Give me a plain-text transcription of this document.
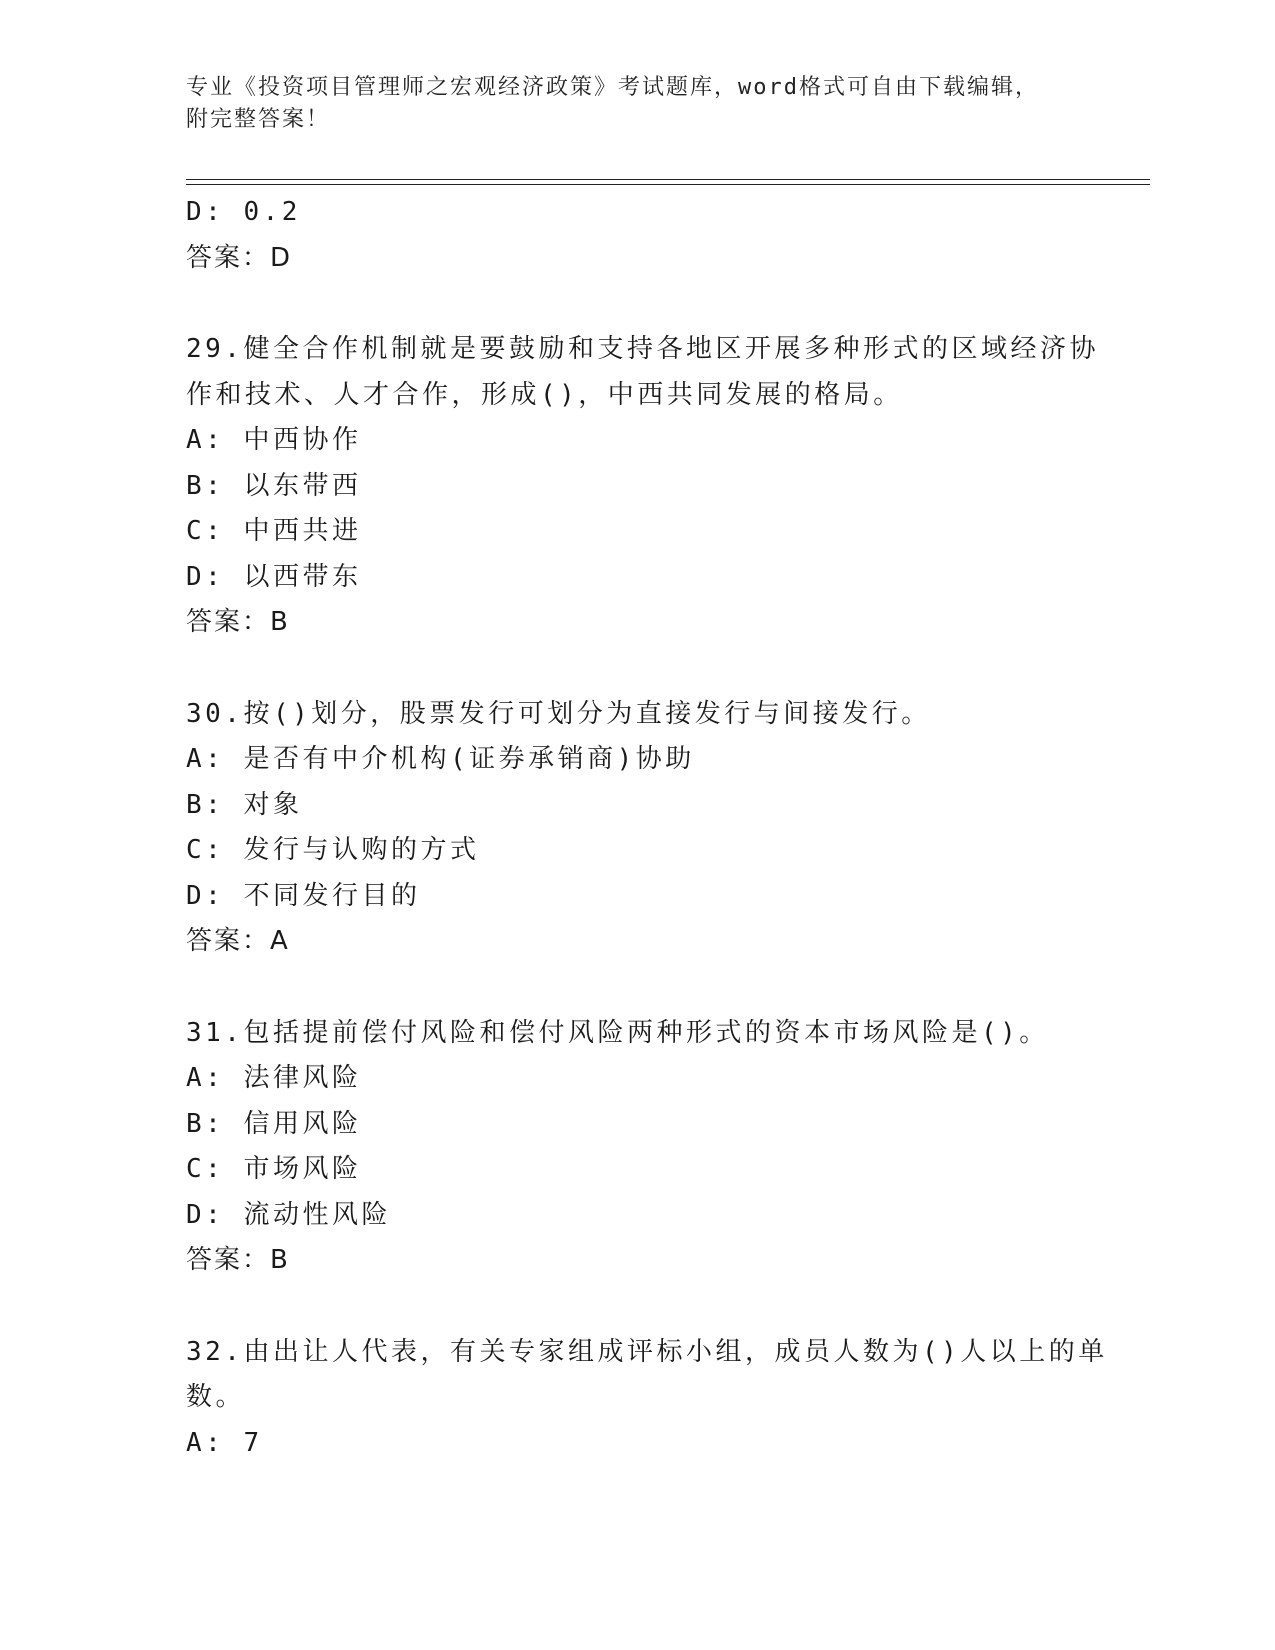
专业《投资项目管理师之宏观经济政策》考试题库，word格式可自由下载编辑，
附完整答案！
D: 0.2
答案：D
29.健全合作机制就是要鼓励和支持各地区开展多种形式的区域经济协
作和技术、人才合作，形成()，中西共同发展的格局。
A: 中西协作
B: 以东带西
C: 中西共进
D: 以西带东
答案：B
30.按()划分，股票发行可划分为直接发行与间接发行。
A: 是否有中介机构(证券承销商)协助
B: 对象
C: 发行与认购的方式
D: 不同发行目的
答案：A
31.包括提前偿付风险和偿付风险两种形式的资本市场风险是()。
A: 法律风险
B: 信用风险
C: 市场风险
D: 流动性风险
答案：B
32.由出让人代表，有关专家组成评标小组，成员人数为()人以上的单
数。
A: 7
